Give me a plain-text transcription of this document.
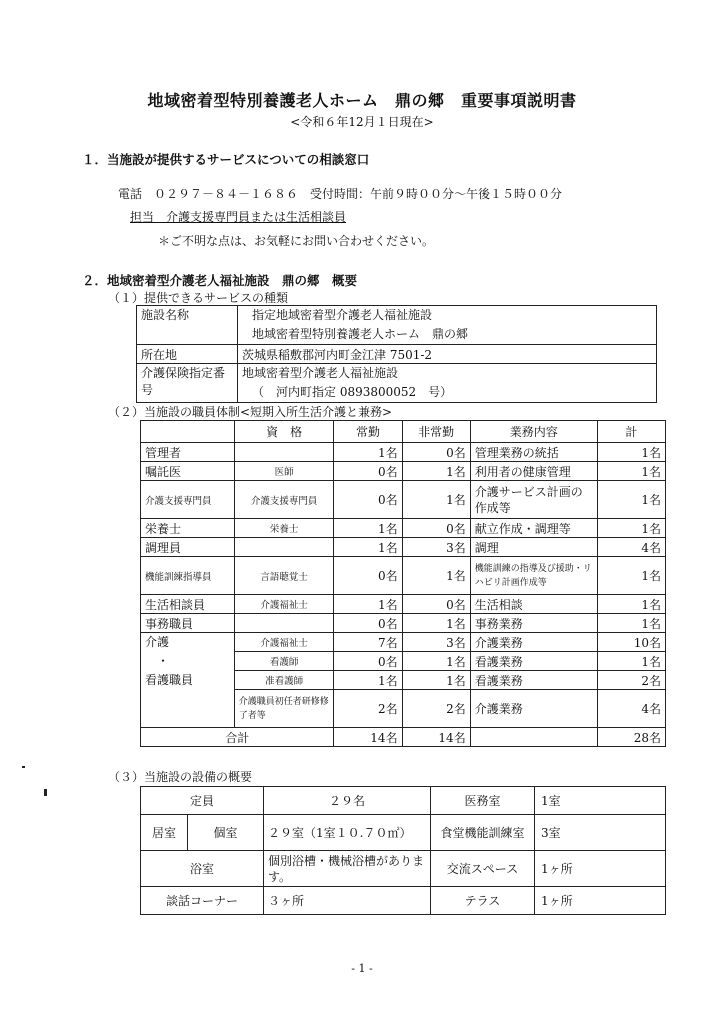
地域密着型特別養護老人ホーム　鼎の郷　重要事項説明書
<令和６年12月１日現在>
１．当施設が提供するサービスについての相談窓口
電話　０２９７－８４－１６８６　受付時間：午前９時００分～午後１５時００分
担当　介護支援専門員または生活相談員
＊ご不明な点は、お気軽にお問い合わせください。
２．地域密着型介護老人福祉施設　鼎の郷　概要
（１）提供できるサービスの種類
施設名称	指定地域密着型介護老人福祉施設
地域密着型特別養護老人ホーム　鼎の郷

所在地	茨城県稲敷郡河内町金江津 7501-2
介護保険指定番号	地域密着型介護老人福祉施設
（　河内町指定 0893800052　号）
（２）当施設の職員体制<短期入所生活介護と兼務>
	資　格	常勤	非常勤	業務内容	計
管理者		1名	0名	管理業務の統括	1名
嘱託医	医師	0名	1名	利用者の健康管理	1名
介護支援専門員	介護支援専門員	0名	1名	介護サービス計画の作成等	1名
栄養士	栄養士	1名	0名	献立作成・調理等	1名
調理員		1名	3名	調理	4名
機能訓練指導員	言語聴覚士	0名	1名	機能訓練の指導及び援助・リハビリ計画作成等	1名
生活相談員	介護福祉士	1名	0名	生活相談	1名
事務職員		0名	1名	事務業務	1名

介護
・
看護職員	介護福祉士	7名	3名	介護業務	10名
	看護師	0名	1名	看護業務	1名
	准看護師	1名	1名	看護業務	2名
	介護職員初任者研修修了者等	2名	2名	介護業務	4名
合計		14名	14名		28名
（３）当施設の設備の概要
定員		２９名	医務室	1室
居室	個室	２９室（1室１０.７０㎡）	食堂機能訓練室	3室
浴室		個別浴槽・機械浴槽があります。	交流スペース	1ヶ所
談話コーナー		３ヶ所	テラス	1ヶ所
- 1 -
